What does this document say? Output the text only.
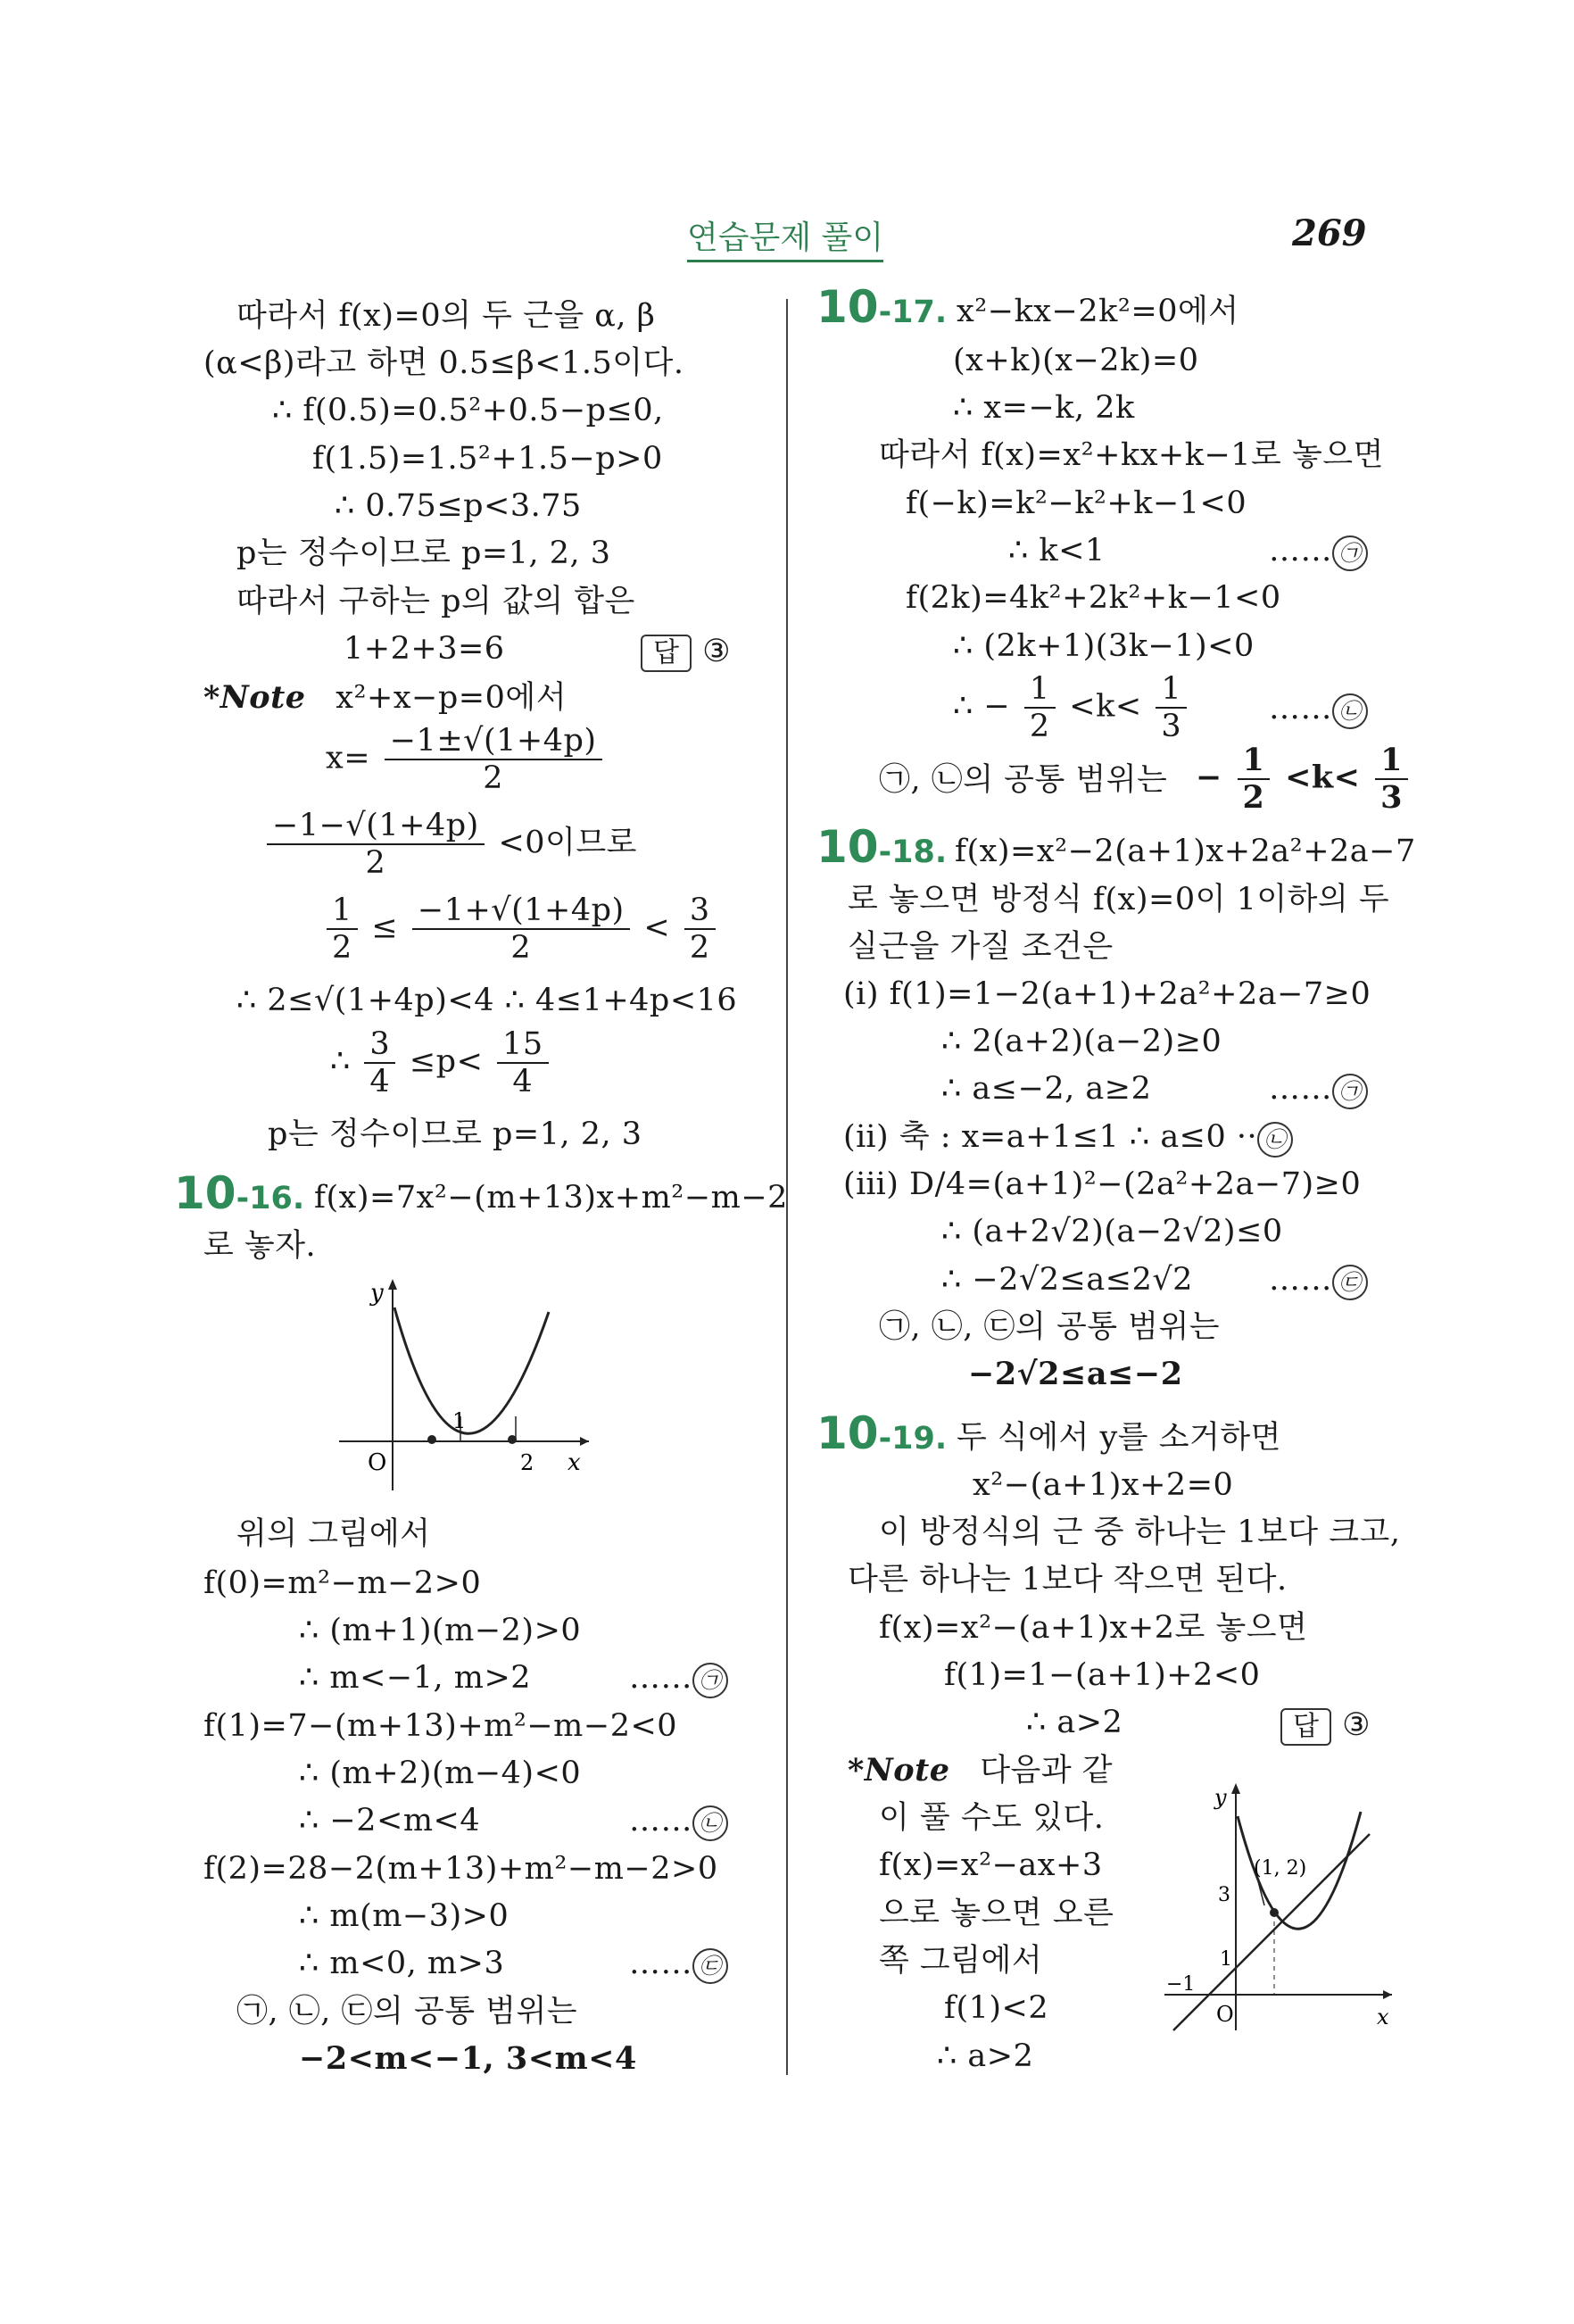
연습문제 풀이	269
따라서 f(x)=0의 두 근을 α, β
(α<β)라고 하면 0.5≤β<1.5이다.
∴ f(0.5)=0.5²+0.5−p≤0,
f(1.5)=1.5²+1.5−p>0
∴ 0.75≤p<3.75
p는 정수이므로 p=1, 2, 3
따라서 구하는 p의 값의 합은
1+2+3=6	답 ③
*Note x²+x−p=0에서
$x= \frac{-1\pm√(1+4p)}{2}$
$\frac{-1-√(1+4p)}{2} <0$이므로
$\frac{1}{2} \le \frac{-1+√(1+4p)}{2} < \frac{3}{2}$
∴ 2≤√(1+4p)<4 ∴ 4≤1+4p<16
∴ $\frac{3}{4} \le p< \frac{15}{4}$
p는 정수이므로 p=1, 2, 3
10-16. f(x)=7x²−(m+13)x+m²−m−2
로 놓자.
y
x
O
1
2
위의 그림에서
f(0)=m²−m−2>0
∴ (m+1)(m−2)>0
∴ m<−1, m>2	…… ㉠
f(1)=7−(m+13)+m²−m−2<0
∴ (m+2)(m−4)<0
∴ −2<m<4	…… ㉡
f(2)=28−2(m+13)+m²−m−2>0
∴ m(m−3)>0
∴ m<0, m>3	…… ㉢
㉠, ㉡, ㉢의 공통 범위는
−2<m<−1, 3<m<4
10-17. x²−kx−2k²=0에서
(x+k)(x−2k)=0
∴ x=−k, 2k
따라서 f(x)=x²+kx+k−1로 놓으면
f(−k)=k²−k²+k−1<0
∴ k<1	…… ㉠
f(2k)=4k²+2k²+k−1<0
∴ (2k+1)(3k−1)<0
∴ − $\frac{1}{2} <k< \frac{1}{3}$	…… ㉡
㉠, ㉡의 공통 범위는 − $\frac{1}{2} <k< \frac{1}{3}$
10-18. f(x)=x²−2(a+1)x+2a²+2a−7
로 놓으면 방정식 f(x)=0이 1이하의 두
실근을 가질 조건은
(ⅰ) f(1)=1−2(a+1)+2a²+2a−7≥0
∴ 2(a+2)(a−2)≥0
∴ a≤−2, a≥2	…… ㉠
(ⅱ) 축 : x=a+1≤1 ∴ a≤0 ·· ㉡
(ⅲ) D/4=(a+1)²−(2a²+2a−7)≥0
∴ (a+2√2)(a−2√2)≤0
∴ −2√2≤a≤2√2 …… ㉢
㉠, ㉡, ㉢의 공통 범위는
−2√2≤a≤−2
10-19. 두 식에서 y를 소거하면
x²−(a+1)x+2=0
이 방정식의 근 중 하나는 1보다 크고,
다른 하나는 1보다 작으면 된다.
f(x)=x²−(a+1)x+2로 놓으면
f(1)=1−(a+1)+2<0
∴ a>2	답 ③
*Note 다음과 같
이 풀 수도 있다.
f(x)=x²−ax+3
으로 놓으면 오른
쪽 그림에서
f(1)<2
∴ a>2
y
x
O
(1, 2)
3
1
−1
